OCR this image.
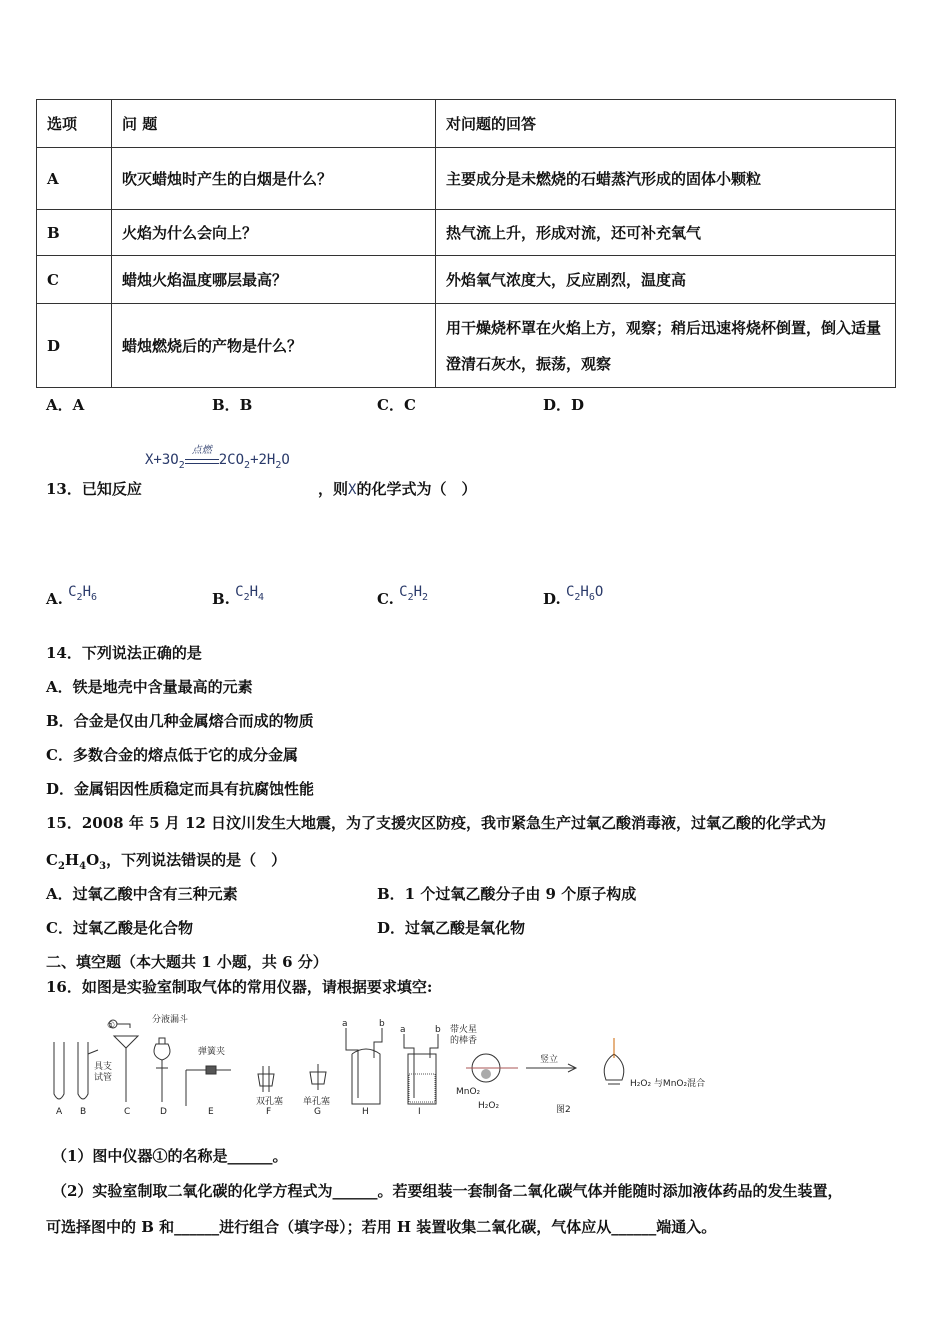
选项	问 题	对问题的回答
A	吹灭蜡烛时产生的白烟是什么？	主要成分是未燃烧的石蜡蒸汽形成的固体小颗粒
B	火焰为什么会向上？	热气流上升，形成对流，还可补充氧气
C	蜡烛火焰温度哪层最高？	外焰氧气浓度大，反应剧烈，温度高
D	蜡烛燃烧后的产物是什么？	用干燥烧杯罩在火焰上方，观察；稍后迅速将烧杯倒置，倒入适量澄清石灰水，振荡，观察
A．A	B．B	C．C	D．D
$X+3O_2$
点燃
$2CO_2+2H_2O$
13．已知反应	，则X的化学式为（　）
A. $C_2H_6$	B. $C_2H_4$	C. $C_2H_2$	D. $C_2H_6O$
14．下列说法正确的是
A．铁是地壳中含量最高的元素
B．合金是仅由几种金属熔合而成的物质
C．多数合金的熔点低于它的成分金属
D．金属铝因性质稳定而具有抗腐蚀性能
15．2008 年 5 月 12 日汶川发生大地震，为了支援灾区防疫，我市紧急生产过氧乙酸消毒液，过氧乙酸的化学式为
$C_2H_4O_3$，下列说法错误的是（　）
A．过氧乙酸中含有三种元素	B．1 个过氧乙酸分子由 9 个原子构成
C．过氧乙酸是化合物	D．过氧乙酸是氧化物
二、填空题（本大题共 1 小题，共 6 分）
16．如图是实验室制取气体的常用仪器，请根据要求填空:
①
分液漏斗
具支试管
弹簧夹
双孔塞 单孔塞
a	b
a	b 带火星的棒香
MnO₂
H₂O₂
竖立
图2
H₂O₂ 与MnO₂混合
A B	C	D	E	F	G	H	I
（1）图中仪器①的名称是______。
（2）实验室制取二氧化碳的化学方程式为______。若要组装一套制备二氧化碳气体并能随时添加液体药品的发生装置，
可选择图中的 B 和______进行组合（填字母）；若用 H 装置收集二氧化碳，气体应从______端通入。
